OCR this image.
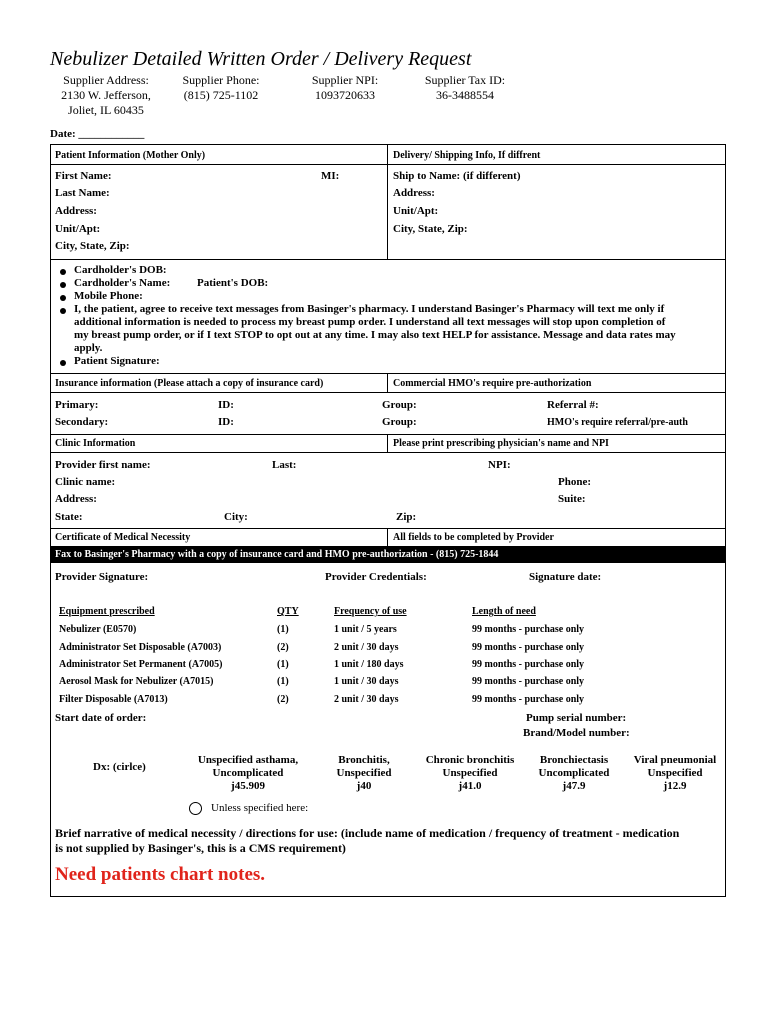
Nebulizer Detailed Written Order / Delivery Request
Supplier Address:
2130 W. Jefferson,
Joliet, IL 60435
Supplier Phone:
(815) 725-1102
Supplier NPI:
1093720633
Supplier Tax ID:
36-3488554
Date: ____________
Patient Information (Mother Only)	Delivery/ Shipping Info, If diffrent
First Name:	MI:
Last Name:
Address:
Unit/Apt:
City, State, Zip:
Ship to Name: (if different)
Address:
Unit/Apt:
City, State, Zip:
Cardholder's DOB:
Cardholder's Name: Patient's DOB:
Mobile Phone:
I, the patient, agree to receive text messages from Basinger's pharmacy. I understand Basinger's Pharmacy will text me only if
additional information is needed to process my breast pump order. I understand all text messages will stop upon completion of
my breast pump order, or if I text STOP to opt out at any time. I may also text HELP for assistance. Message and data rates may
apply.
Patient Signature:
Insurance information (Please attach a copy of insurance card)	Commercial HMO's require pre-authorization
Primary:	ID:	Group:	Referral #:
Secondary:	ID:	Group:	HMO's require referral/pre-auth
Clinic Information	Please print prescribing physician's name and NPI
Provider first name:	Last:	NPI:
Clinic name:	Phone:
Address:	Suite:
State:	City:	Zip:
Certificate of Medical Necessity	All fields to be completed by Provider
Fax to Basinger's Pharmacy with a copy of insurance card and HMO pre-authorization - (815) 725-1844
Provider Signature:	Provider Credentials:	Signature date:
Equipment prescribed	QTY	Frequency of use	Length of need
Nebulizer (E0570)	(1)	1 unit / 5 years	99 months - purchase only
Administrator Set Disposable (A7003)	(2)	2 unit / 30 days	99 months - purchase only
Administrator Set Permanent (A7005)	(1)	1 unit / 180 days	99 months - purchase only
Aerosol Mask for Nebulizer (A7015)	(1)	1 unit / 30 days	99 months - purchase only
Filter Disposable (A7013)	(2)	2 unit / 30 days	99 months - purchase only
Start date of order:	Pump serial number:
Brand/Model number:
Dx: (cirlce)
Unspecified asthama,
Uncomplicated
j45.909
Bronchitis,
Unspecified
j40
Chronic bronchitis
Unspecified
j41.0
Bronchiectasis
Uncomplicated
j47.9
Viral pneumonial
Unspecified
j12.9
Unless specified here:
Brief narrative of medical necessity / directions for use: (include name of medication / frequency of treatment - medication
is not supplied by Basinger's, this is a CMS requirement)
Need patients chart notes.
